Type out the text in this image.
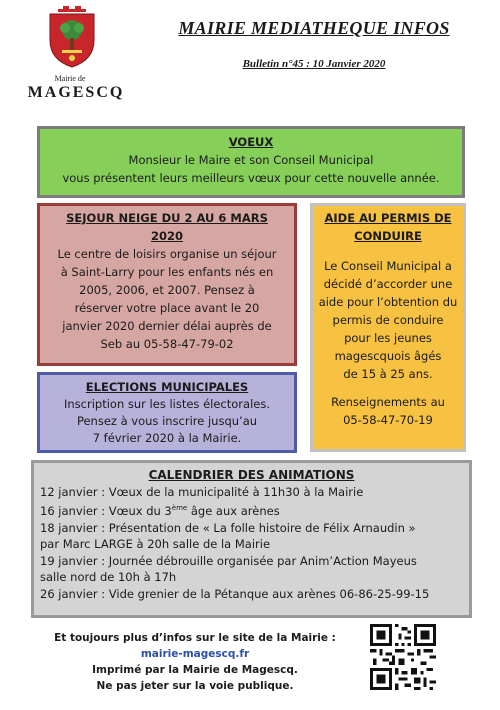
Mairie de
MAGESCQ
MAIRIE MEDIATHEQUE INFOS
Bulletin n°45 : 10 Janvier 2020
VOEUX
Monsieur le Maire et son Conseil Municipal
vous présentent leurs meilleurs vœux pour cette nouvelle année.
SEJOUR NEIGE DU 2 AU 6 MARS
2020
Le centre de loisirs organise un séjour
à Saint-Larry pour les enfants nés en
2005, 2006, et 2007. Pensez à
réserver votre place avant le 20
janvier 2020 dernier délai auprès de
Seb au 05-58-47-79-02
AIDE AU PERMIS DE
CONDUIRE
Le Conseil Municipal a
décidé d’accorder une
aide pour l’obtention du
permis de conduire
pour les jeunes
magescquois âgés
de 15 à 25 ans.
Renseignements au
05-58-47-70-19
ELECTIONS MUNICIPALES
Inscription sur les listes électorales.
Pensez à vous inscrire jusqu’au
7 février 2020 à la Mairie.
CALENDRIER DES ANIMATIONS
12 janvier : Vœux de la municipalité à 11h30 à la Mairie
16 janvier : Vœux du 3ème âge aux arènes
18 janvier : Présentation de « La folle histoire de Félix Arnaudin »
par Marc LARGE à 20h salle de la Mairie
19 janvier : Journée débrouille organisée par Anim’Action Mayeus
salle nord de 10h à 17h
26 janvier : Vide grenier de la Pétanque aux arènes 06-86-25-99-15
Et toujours plus d’infos sur le site de la Mairie :
mairie-magescq.fr
Imprimé par la Mairie de Magescq.
Ne pas jeter sur la voie publique.
